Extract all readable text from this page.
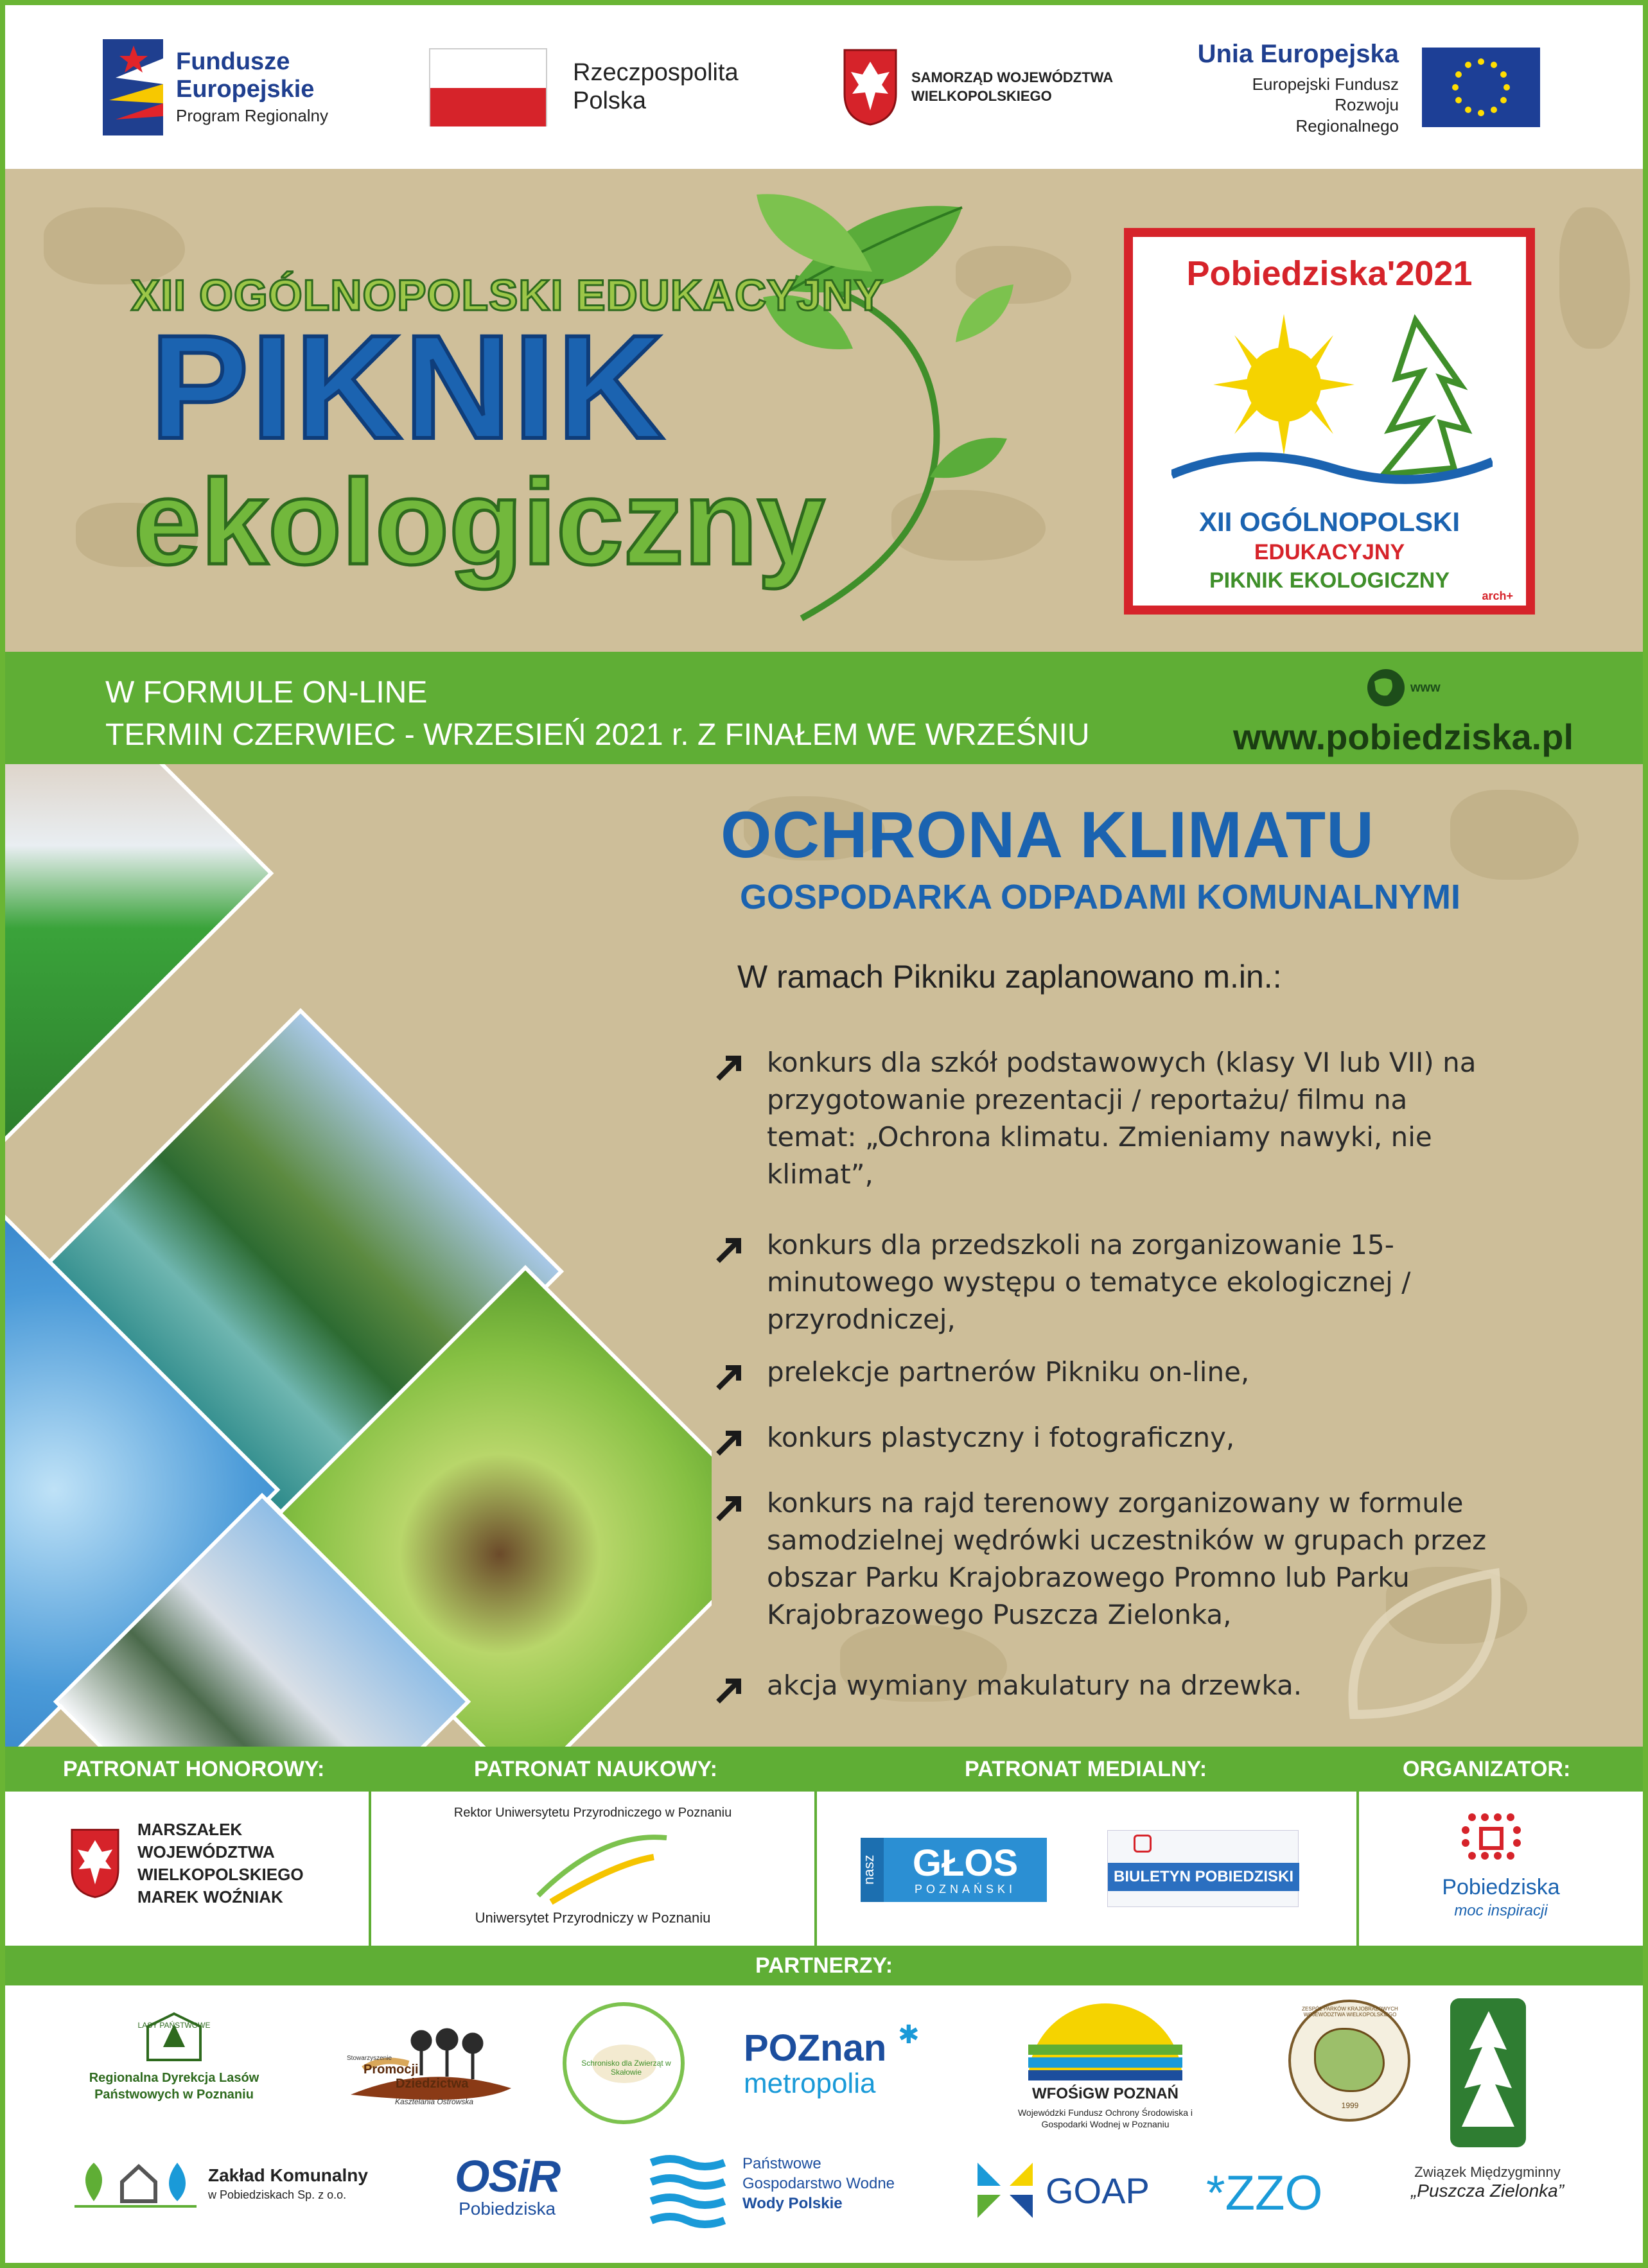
Fundusze Europejskie
Program Regionalny
Rzeczpospolita Polska
SAMORZĄD WOJEWÓDZTWA WIELKOPOLSKIEGO
Unia Europejska
Europejski Fundusz Rozwoju Regionalnego
XII OGÓLNOPOLSKI EDUKACYJNY
PIKNIK
ekologiczny
Pobiedziska'2021
XII OGÓLNOPOLSKI
EDUKACYJNY
PIKNIK EKOLOGICZNY
arch+
W FORMULE ON-LINE
TERMIN CZERWIEC - WRZESIEŃ 2021 r. Z FINAŁEM WE WRZEŚNIU
www
www.pobiedziska.pl
OCHRONA KLIMATU
GOSPODARKA ODPADAMI KOMUNALNYMI
W ramach Pikniku zaplanowano m.in.:
konkurs dla szkół podstawowych (klasy VI lub VII) na przygotowanie prezentacji / reportażu/ filmu na temat: „Ochrona klimatu. Zmieniamy nawyki, nie klimat”,
konkurs dla przedszkoli na zorganizowanie 15-minutowego występu o tematyce ekologicznej / przyrodniczej,
prelekcje partnerów Pikniku on-line,
konkurs plastyczny i fotograficzny,
konkurs na rajd terenowy zorganizowany w formule samodzielnej wędrówki uczestników w grupach przez obszar Parku Krajobrazowego Promno lub Parku Krajobrazowego Puszcza Zielonka,
akcja wymiany makulatury na drzewka.
PATRONAT HONOROWY:	PATRONAT NAUKOWY:	PATRONAT MEDIALNY:	ORGANIZATOR:
MARSZAŁEK WOJEWÓDZTWA WIELKOPOLSKIEGO MAREK WOŹNIAK
Rektor Uniwersytetu Przyrodniczego w Poznaniu
Uniwersytet Przyrodniczy w Poznaniu
nasz GŁOS
POZNAŃSKI
BIULETYN POBIEDZISKI	Pobiedziska
moc inspiracji
PARTNERZY:
LASY PAŃSTWOWE
Regionalna Dyrekcja Lasów Państwowych w Poznaniu
Stowarzyszenie
Promocji
Dziedzictwa
Kasztelania Ostrowska
Schronisko dla Zwierząt w Skałowie
POZnan
metropolia
✱
WFOŚiGW POZNAŃ
Wojewódzki Fundusz Ochrony Środowiska i Gospodarki Wodnej w Poznaniu
ZESPÓŁ PARKÓW KRAJOBRAZOWYCH WOJEWÓDZTWA WIELKOPOLSKIEGO
1999
Związek Międzygminny
„Puszcza Zielonka”
Zakład Komunalny
w Pobiedziskach Sp. z o.o.	OSiR
Pobiedziska
Państwowe
Gospodarstwo Wodne
Wody Polskie	GOAP *ZZO
